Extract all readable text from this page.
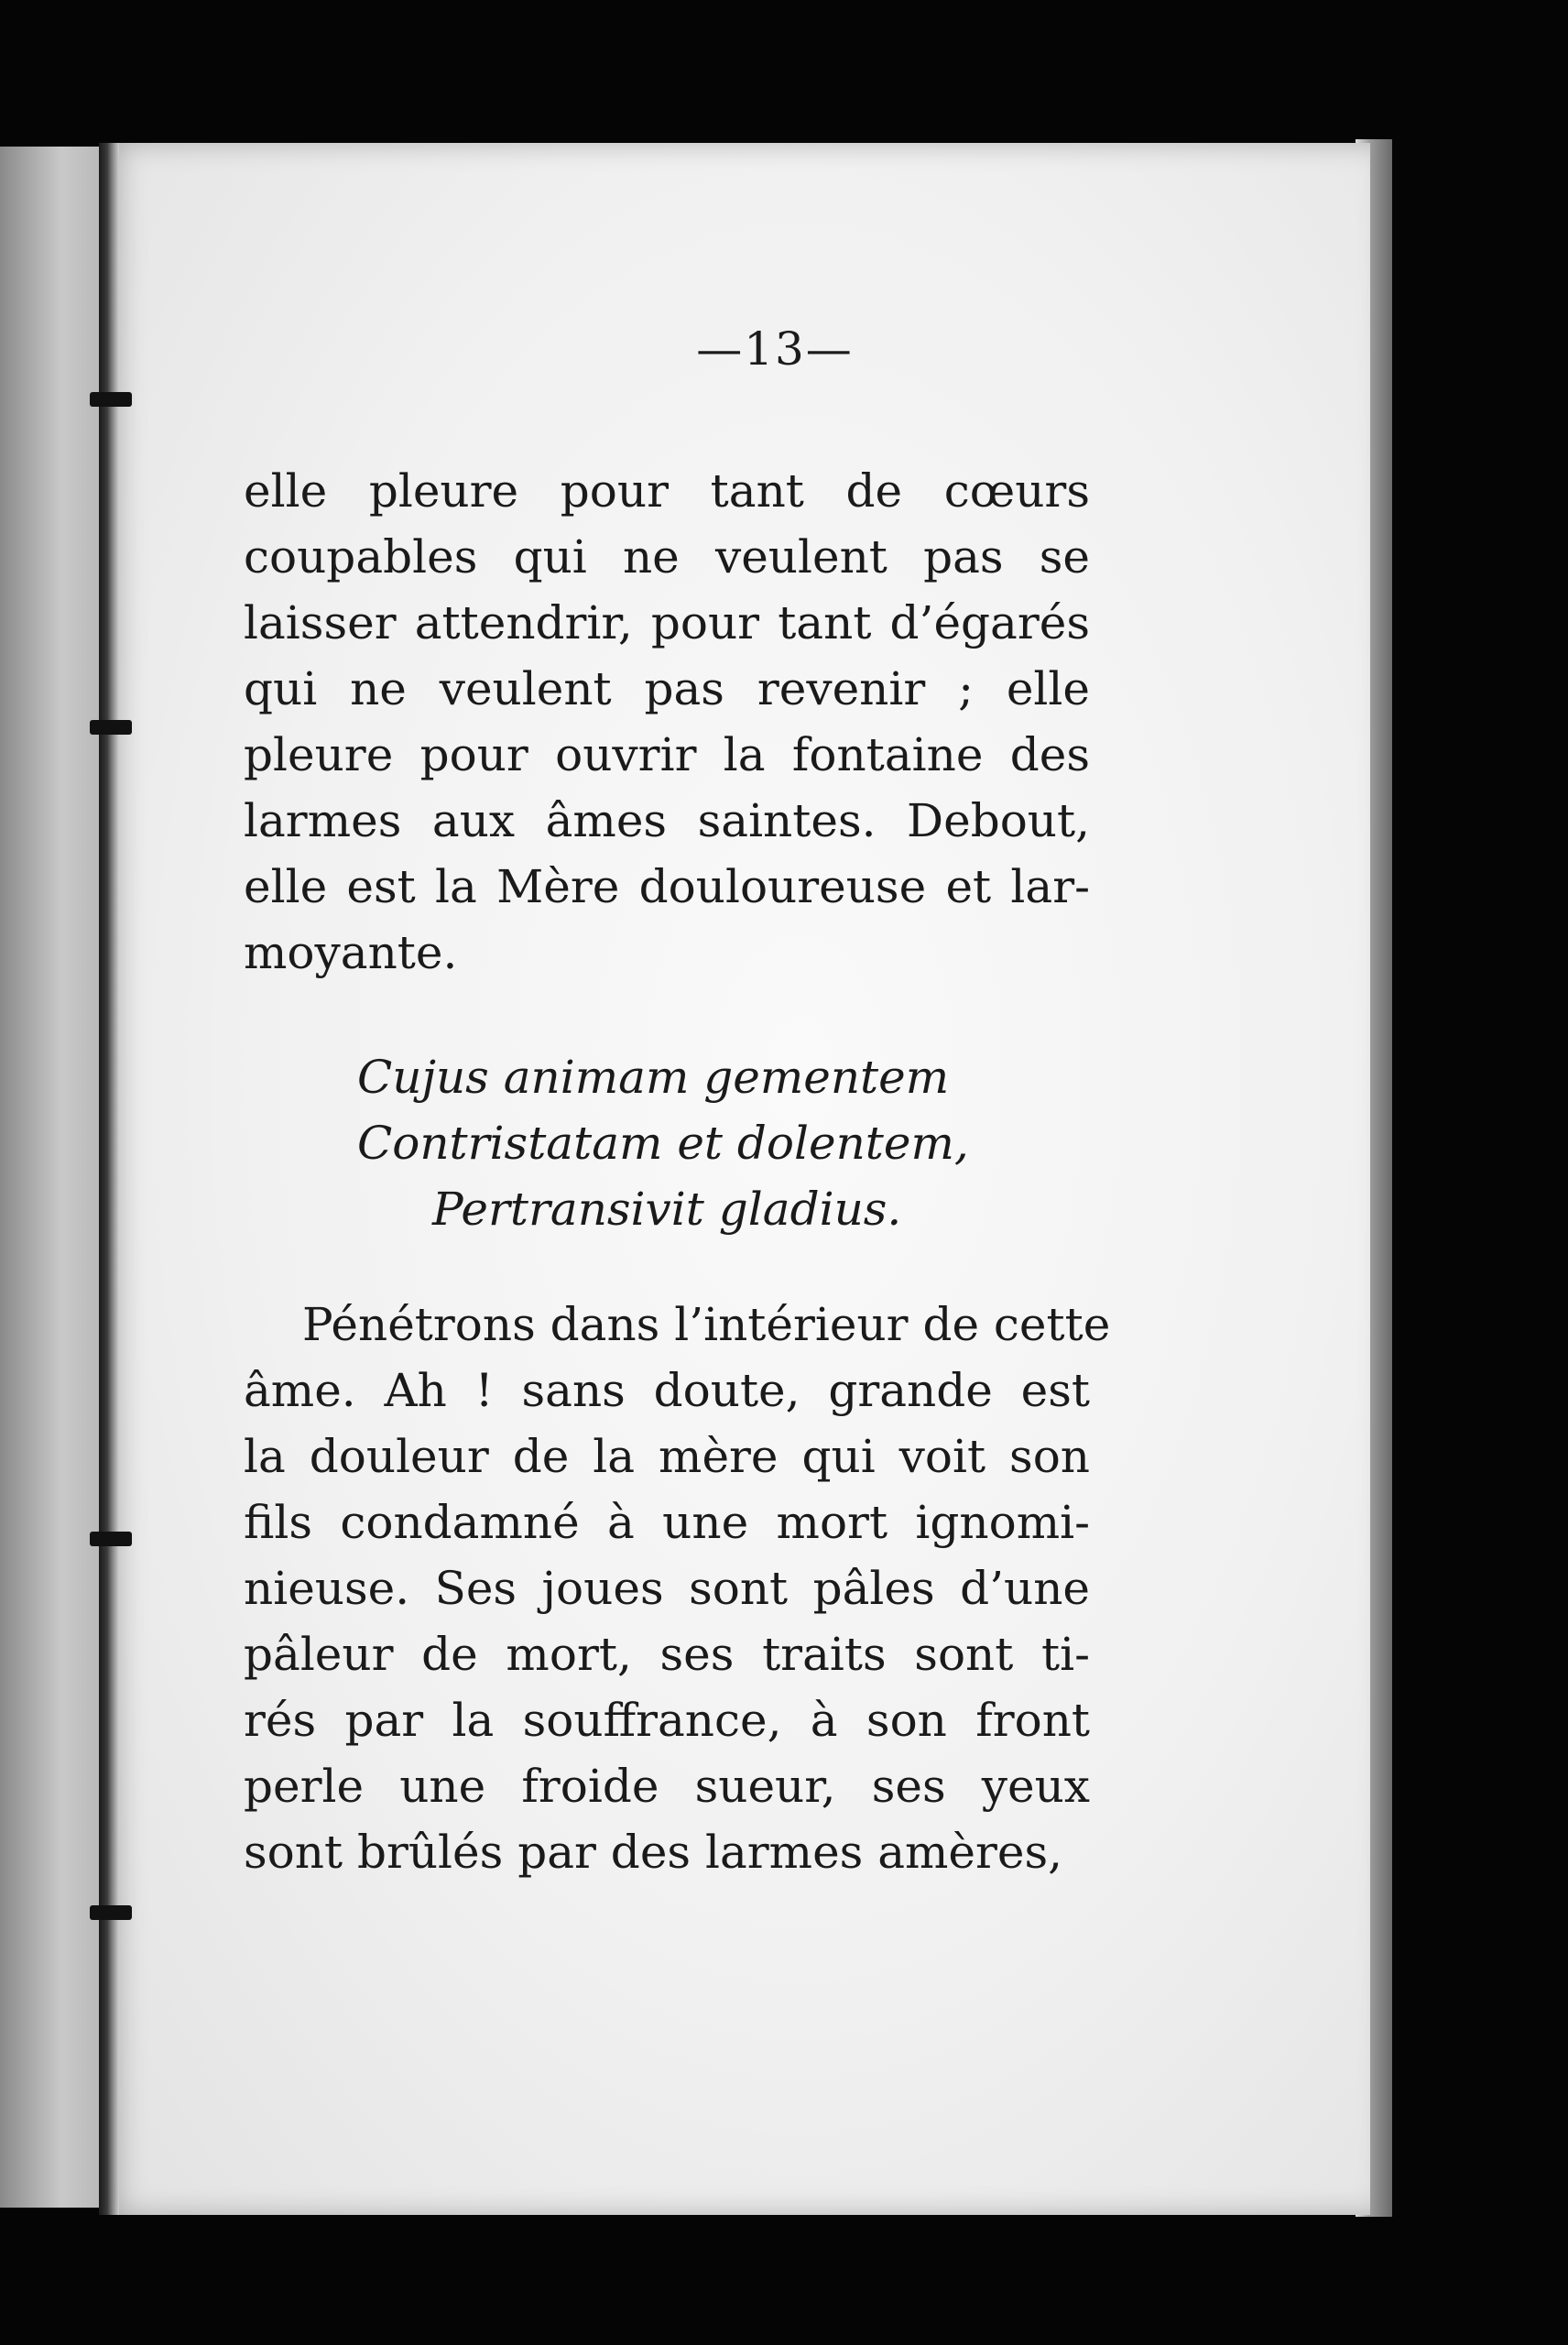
—13—
elle pleure pour tant de cœurs
coupables qui ne veulent pas se
laisser attendrir, pour tant d’égarés
qui ne veulent pas revenir ; elle
pleure pour ouvrir la fontaine des
larmes aux âmes saintes. Debout,
elle est la Mère douloureuse et lar-
moyante.
Cujus animam gementem
Contristatam et dolentem,
Pertransivit gladius.
Pénétrons dans l’intérieur de cette
âme. Ah ! sans doute, grande est
la douleur de la mère qui voit son
fils condamné à une mort ignomi-
nieuse. Ses joues sont pâles d’une
pâleur de mort, ses traits sont ti-
rés par la souffrance, à son front
perle une froide sueur, ses yeux
sont brûlés par des larmes amères,
